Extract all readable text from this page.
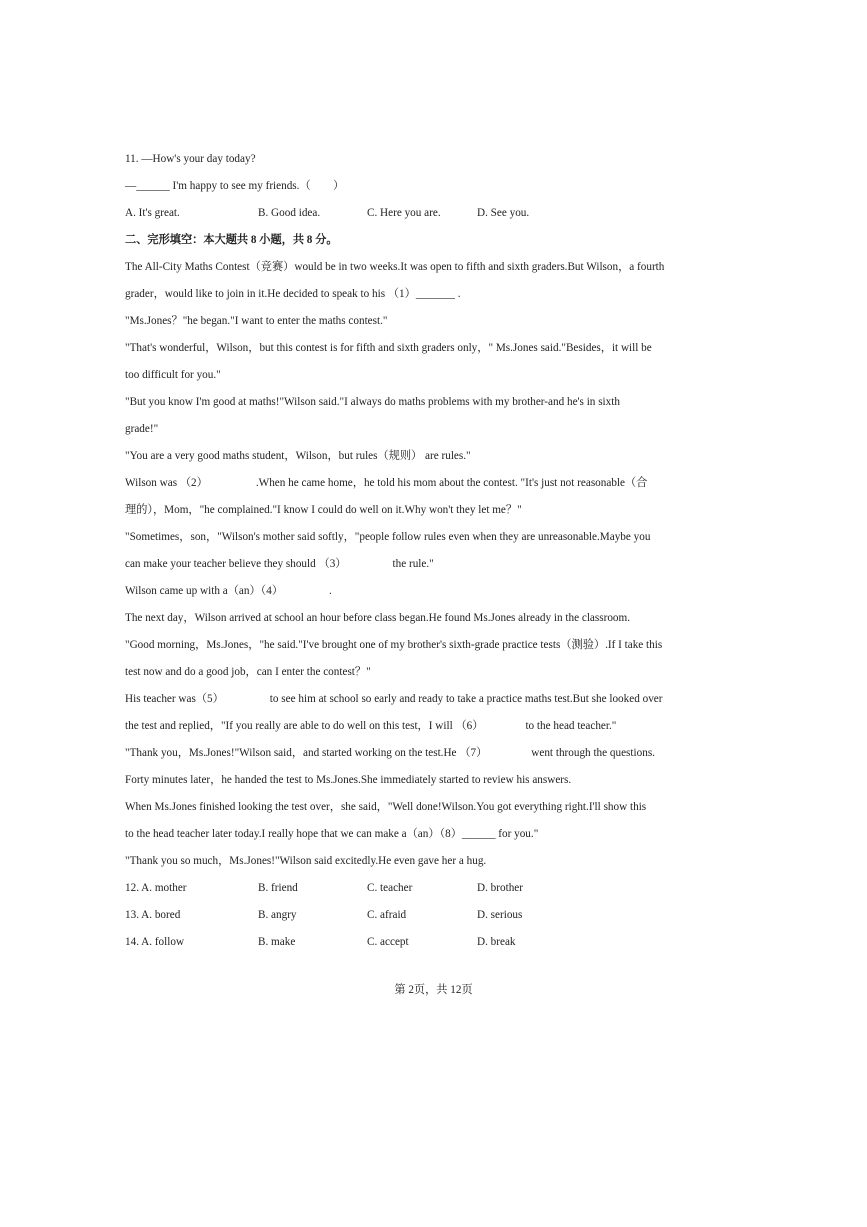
11. —How's your day today?
—______ I'm happy to see my friends.（　　）
A. It's great.	B. Good idea.	C. Here you are.	D. See you.
二、完形填空：本大题共 8 小题，共 8 分。
The All-City Maths Contest（竞赛）would be in two weeks.It was open to fifth and sixth graders.But Wilson，a fourth
grader，would like to join in it.He decided to speak to his （1）_______ .
"Ms.Jones？"he began."I want to enter the maths contest."
"That's wonderful，Wilson，but this contest is for fifth and sixth graders only，" Ms.Jones said."Besides，it will be
too difficult for you."
"But you know I'm good at maths!"Wilson said."I always do maths problems with my brother-and he's in sixth
grade!"
"You are a very good maths student，Wilson，but rules（规则） are rules."
Wilson was （2）	.When he came home，he told his mom about the contest. "It's just not reasonable（合
理的），Mom，"he complained."I know I could do well on it.Why won't they let me？"
"Sometimes，son，"Wilson's mother said softly，"people follow rules even when they are unreasonable.Maybe you
can make your teacher believe they should （3）	the rule."
Wilson came up with a（an）（4）	.
The next day，Wilson arrived at school an hour before class began.He found Ms.Jones already in the classroom.
"Good morning，Ms.Jones，"he said."I've brought one of my brother's sixth-grade practice tests（测验）.If I take this
test now and do a good job，can I enter the contest？"
His teacher was（5）	to see him at school so early and ready to take a practice maths test.But she looked over
the test and replied，"If you really are able to do well on this test，I will （6）	to the head teacher."
"Thank you，Ms.Jones!"Wilson said，and started working on the test.He （7）	went through the questions.
Forty minutes later，he handed the test to Ms.Jones.She immediately started to review his answers.
When Ms.Jones finished looking the test over，she said，"Well done!Wilson.You got everything right.I'll show this
to the head teacher later today.I really hope that we can make a（an）（8）______ for you."
"Thank you so much，Ms.Jones!"Wilson said excitedly.He even gave her a hug.
12. A. mother	B. friend	C. teacher	D. brother
13. A. bored	B. angry	C. afraid	D. serious
14. A. follow	B. make	C. accept	D. break
第 2页，共 12页
